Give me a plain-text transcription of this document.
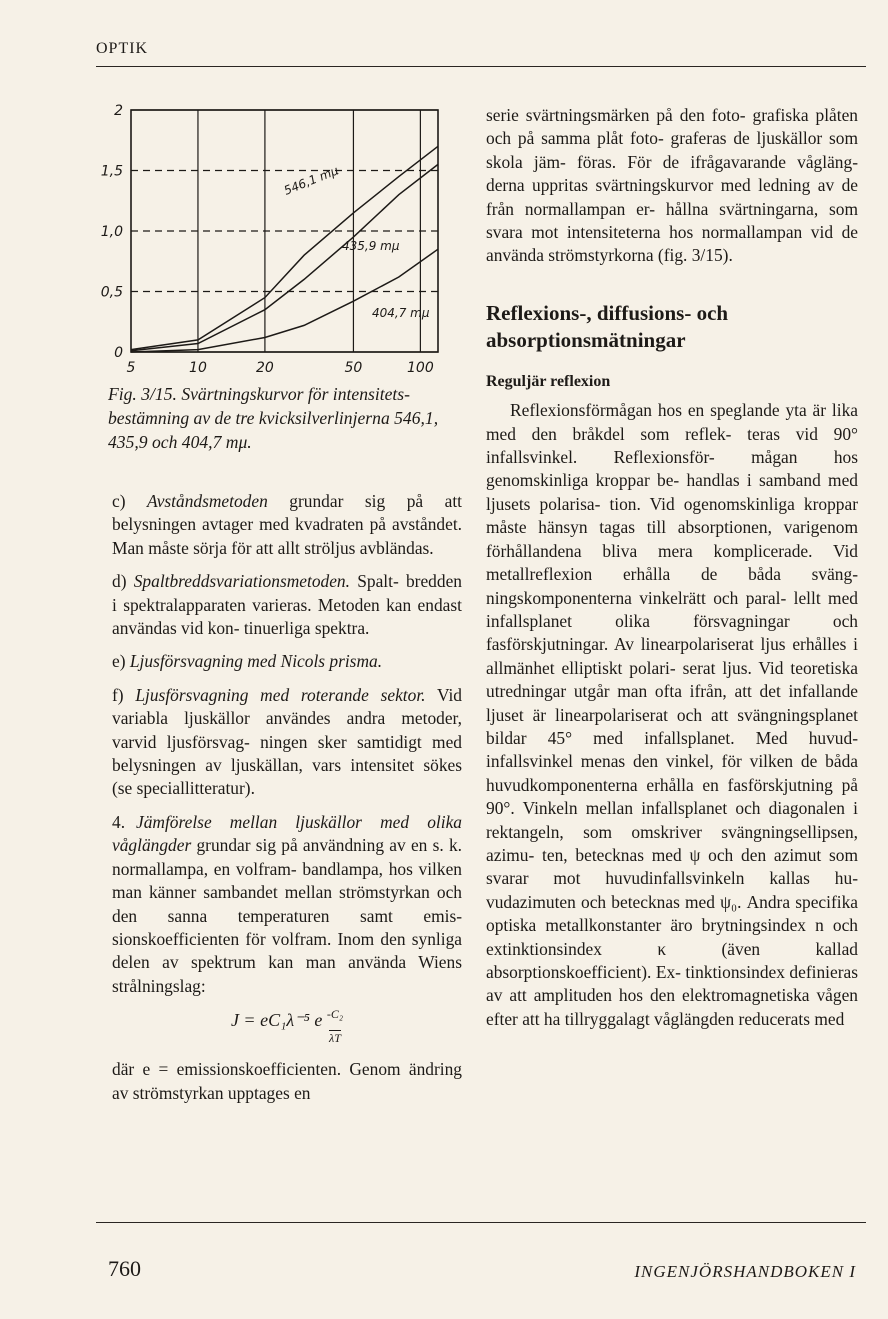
OPTIK
5	10	20	50	100
0
0,5
1,0
1,5
2
546,1 mμ
435,9 mμ
404,7 mμ
Fig. 3/15. Svärtningskurvor för intensitets- bestämning av de tre kvicksilverlinjerna 546,1, 435,9 och 404,7 mμ.

c) Avståndsmetoden grundar sig på att belysningen avtager med kvadraten på avståndet. Man måste sörja för att allt ströljus avbländas.

d) Spaltbreddsvariationsmetoden. Spalt- bredden i spektralapparaten varieras. Metoden kan endast användas vid kon- tinuerliga spektra.

e) Ljusförsvagning med Nicols prisma.

f) Ljusförsvagning med roterande sektor. Vid variabla ljuskällor användes andra metoder, varvid ljusförsvag- ningen sker samtidigt med belysningen av ljuskällan, vars intensitet sökes (se speciallitteratur).

4. Jämförelse mellan ljuskällor med olika våglängder grundar sig på användning av en s. k. normallampa, en volfram- bandlampa, hos vilken man känner sambandet mellan strömstyrkan och den sanna temperaturen samt emis- sionskoefficienten för volfram. Inom den synliga delen av spektrum kan man använda Wiens strålningslag:

J = eC₁λ⁻⁵ e $\frac{\text{-C₂}}{\lambda T}$

där e = emissionskoefficienten. Genom ändring av strömstyrkan upptages en

serie svärtningsmärken på den foto- grafiska plåten och på samma plåt foto- graferas de ljuskällor som skola jäm- föras. För de ifrågavarande vågläng- derna uppritas svärtningskurvor med ledning av de från normallampan er- hållna svärtningarna, som svara mot intensiteterna hos normallampan vid de använda strömstyrkorna (fig. 3/15).

Reflexions-, diffusions- och absorptionsmätningar
Reguljär reflexion

Reflexionsförmågan hos en speglande yta är lika med den bråkdel som reflek- teras vid 90° infallsvinkel. Reflexionsför- mågan hos genomskinliga kroppar be- handlas i samband med ljusets polarisa- tion. Vid ogenomskinliga kroppar måste hänsyn tagas till absorptionen, varigenom förhållandena bliva mera komplicerade. Vid metallreflexion erhålla de båda sväng- ningskomponenterna vinkelrätt och paral- lellt med infallsplanet olika försvagningar och fasförskjutningar. Av linearpolariserat ljus erhålles i allmänhet elliptiskt polari- serat ljus. Vid teoretiska utredningar utgår man ofta ifrån, att det infallande ljuset är linearpolariserat och att svängningsplanet bildar 45° med infallsplanet. Med huvud- infallsvinkel menas den vinkel, för vilken de båda huvudkomponenterna erhålla en fasförskjutning på 90°. Vinkeln mellan infallsplanet och diagonalen i rektangeln, som omskriver svängningsellipsen, azimu- ten, betecknas med ψ och den azimut som svarar mot huvudinfallsvinkeln kallas hu- vudazimuten och betecknas med ψ₀. Andra specifika optiska metallkonstanter äro brytningsindex n och extinktionsindex κ (även kallad absorptionskoefficient). Ex- tinktionsindex definieras av att amplituden hos den elektromagnetiska vågen efter att ha tillryggalagt våglängden reducerats med

760	INGENJÖRSHANDBOKEN I
